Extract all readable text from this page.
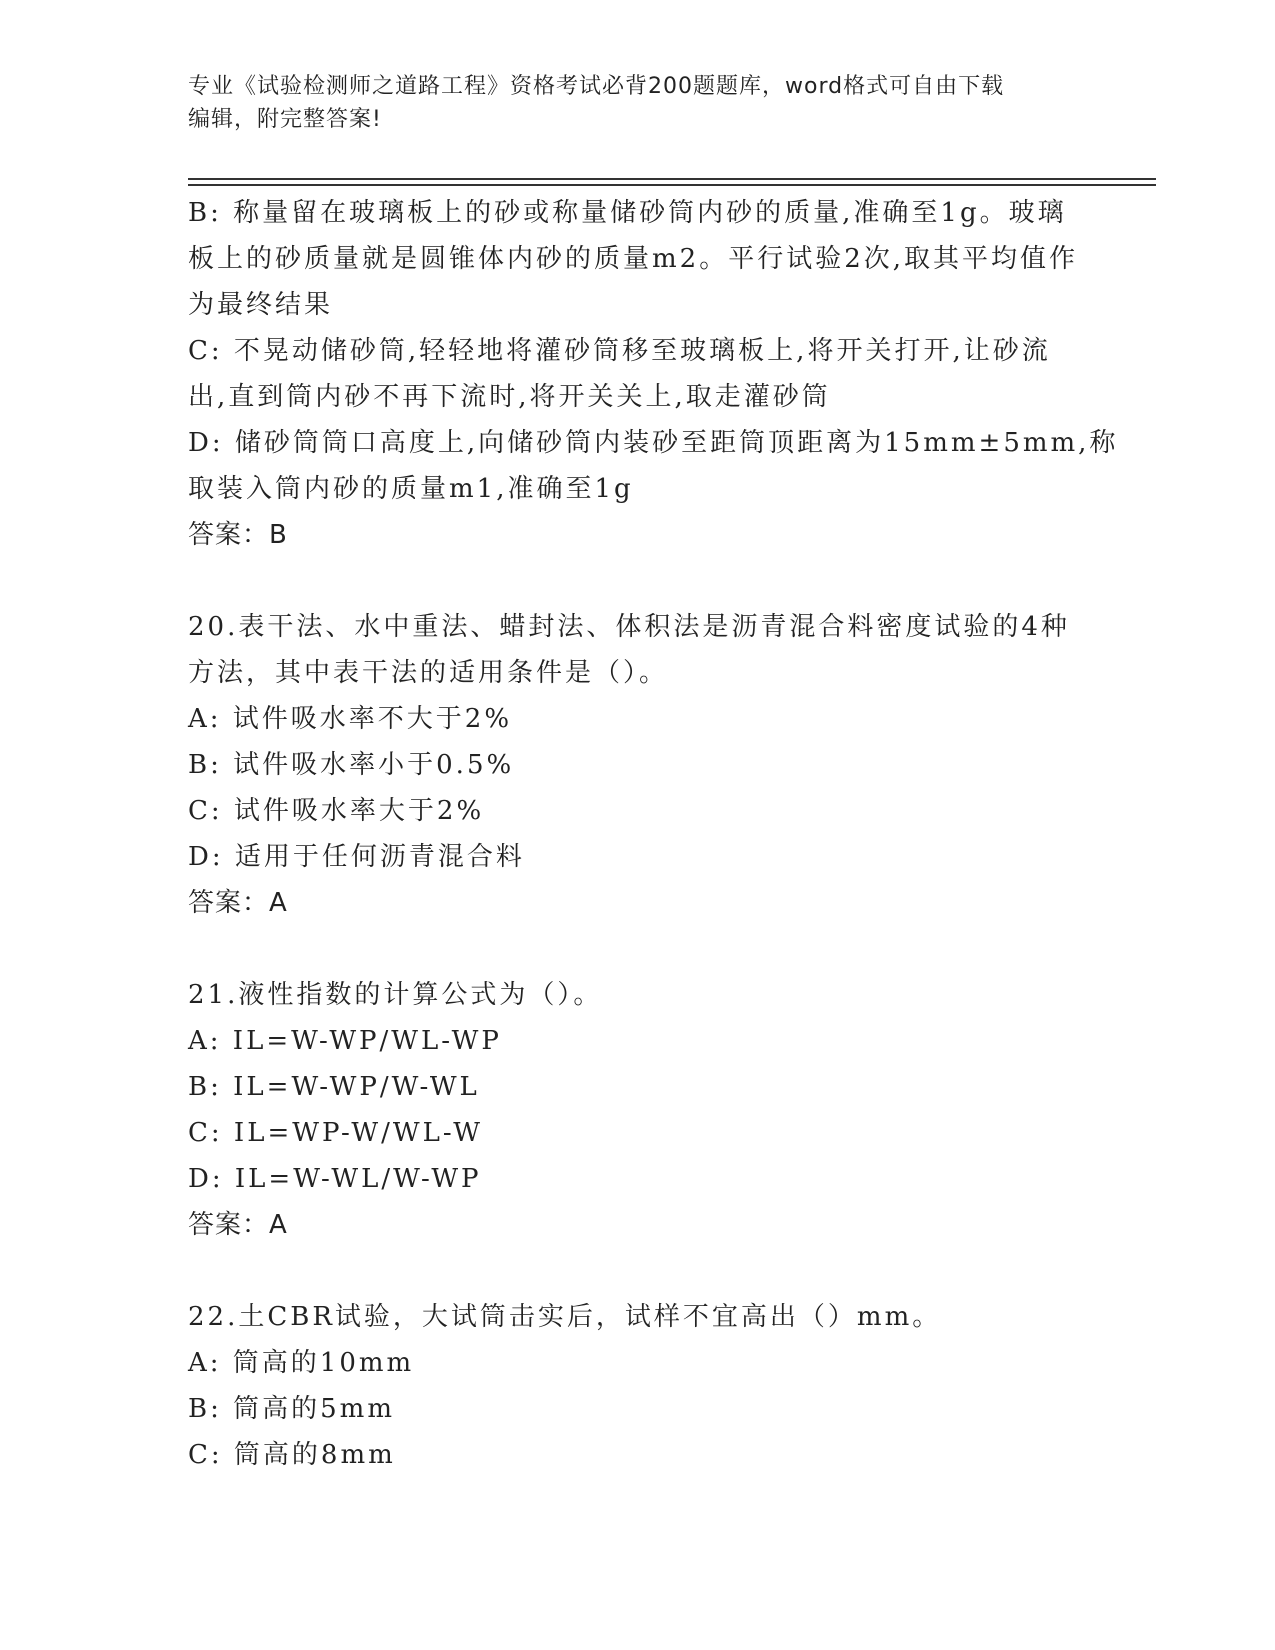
专业《试验检测师之道路工程》资格考试必背200题题库，word格式可自由下载
编辑，附完整答案!
B: 称量留在玻璃板上的砂或称量储砂筒内砂的质量,准确至1g。玻璃
板上的砂质量就是圆锥体内砂的质量m2。平行试验2次,取其平均值作
为最终结果
C: 不晃动储砂筒,轻轻地将灌砂筒移至玻璃板上,将开关打开,让砂流
出,直到筒内砂不再下流时,将开关关上,取走灌砂筒
D: 储砂筒筒口高度上,向储砂筒内装砂至距筒顶距离为15mm±5mm,称
取装入筒内砂的质量m1,准确至1g
答案：B
20.表干法、水中重法、蜡封法、体积法是沥青混合料密度试验的4种
方法，其中表干法的适用条件是（）。
A: 试件吸水率不大于2%
B: 试件吸水率小于0.5%
C: 试件吸水率大于2%
D: 适用于任何沥青混合料
答案：A
21.液性指数的计算公式为（）。
A: IL=W-WP/WL-WP
B: IL=W-WP/W-WL
C: IL=WP-W/WL-W
D: IL=W-WL/W-WP
答案：A
22.土CBR试验，大试筒击实后，试样不宜高出（）mm。
A: 筒高的10mm
B: 筒高的5mm
C: 筒高的8mm
